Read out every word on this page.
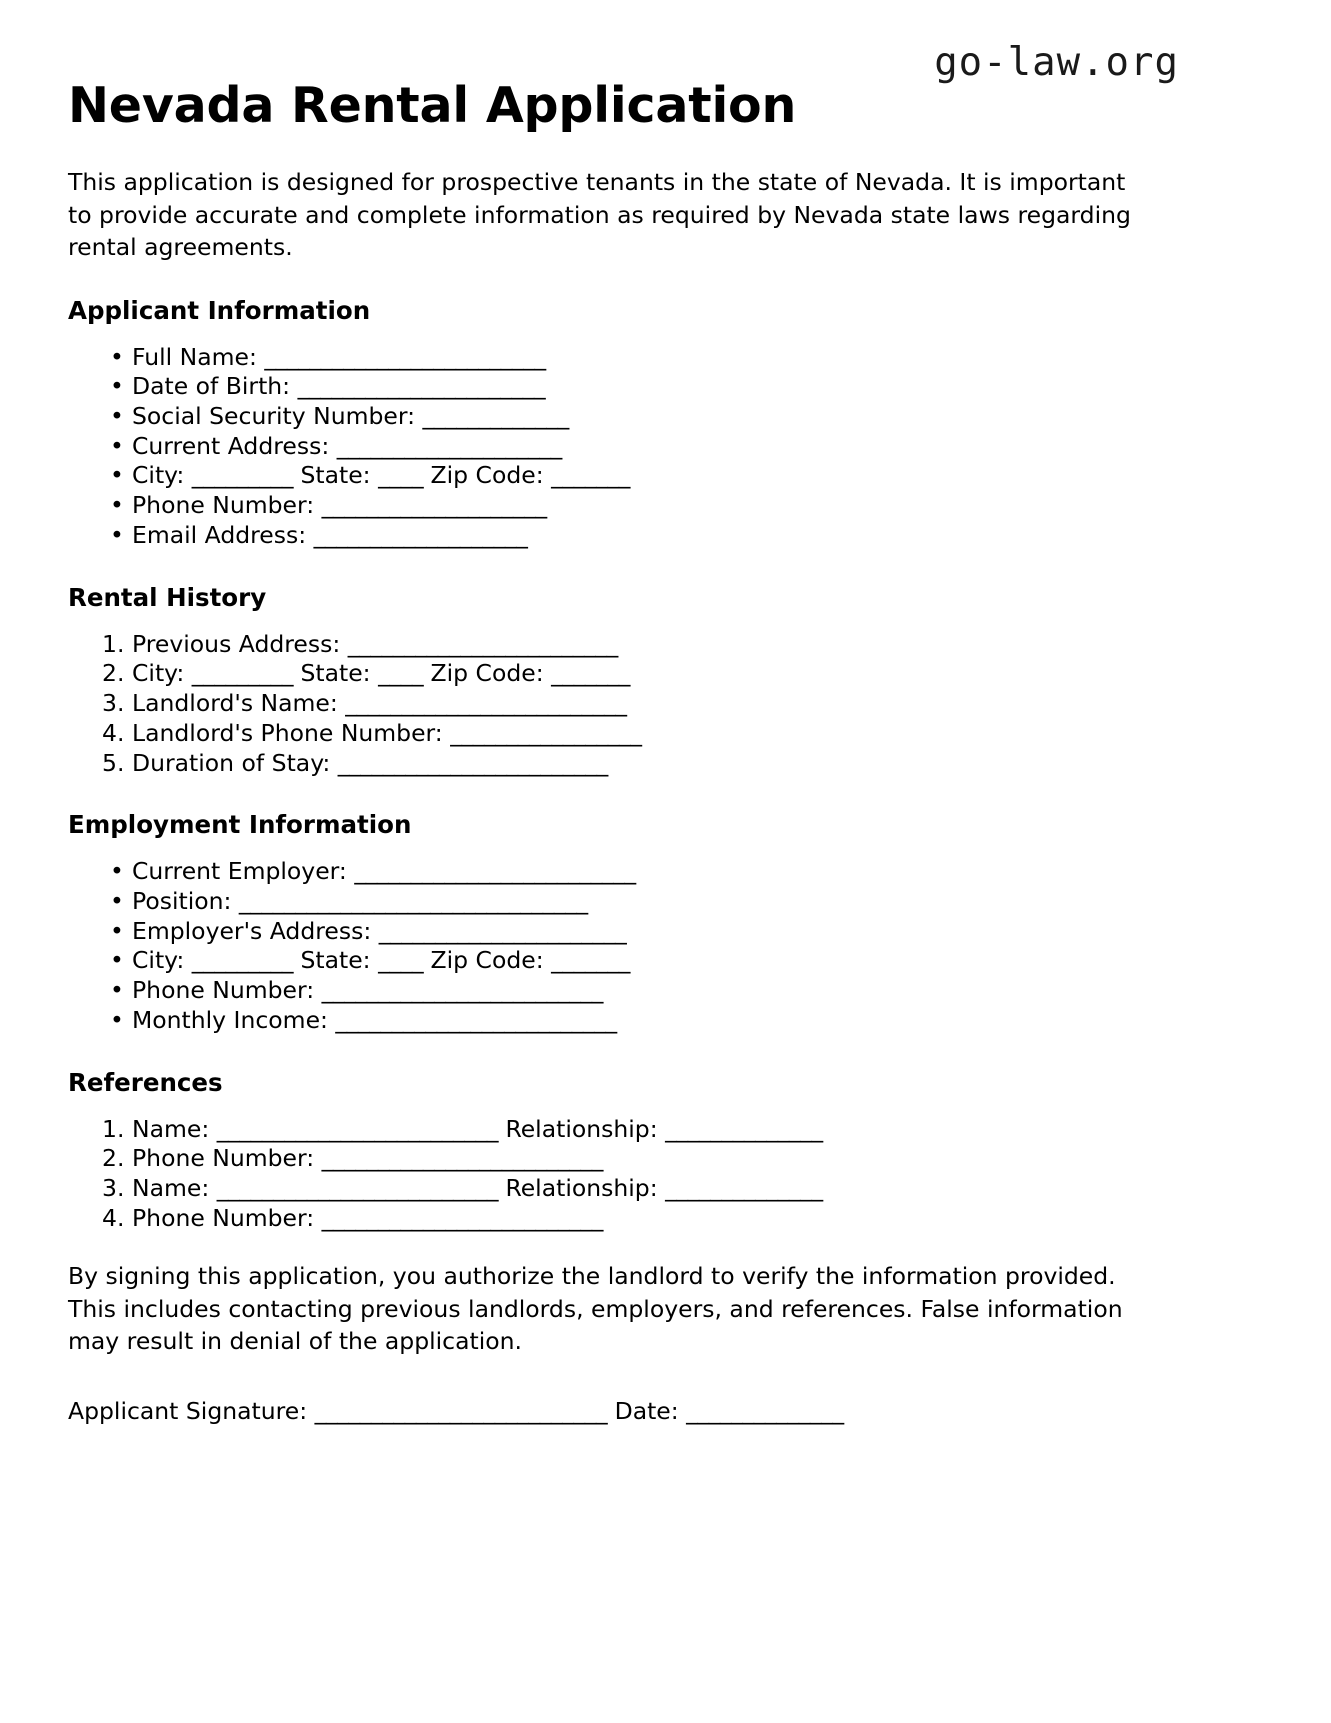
go-law.org
Nevada Rental Application

This application is designed for prospective tenants in the state of Nevada. It is important to provide accurate and complete information as required by Nevada state laws regarding rental agreements.

Applicant Information
• Full Name: _________________________
• Date of Birth: ______________________
• Social Security Number: _____________
• Current Address: ____________________
• City: _________ State: ____ Zip Code: _______
• Phone Number: ____________________
• Email Address: ___________________
Rental History
1. Previous Address: ________________________
2. City: _________ State: ____ Zip Code: _______
3. Landlord's Name: _________________________
4. Landlord's Phone Number: _________________
5. Duration of Stay: ________________________
Employment Information
• Current Employer: _________________________
• Position: _______________________________
• Employer's Address: ______________________
• City: _________ State: ____ Zip Code: _______
• Phone Number: _________________________
• Monthly Income: _________________________
References
1. Name: _________________________ Relationship: ______________
2. Phone Number: _________________________
3. Name: _________________________ Relationship: ______________
4. Phone Number: _________________________

By signing this application, you authorize the landlord to verify the information provided. This includes contacting previous landlords, employers, and references. False information may result in denial of the application.

Applicant Signature: __________________________ Date: ______________
